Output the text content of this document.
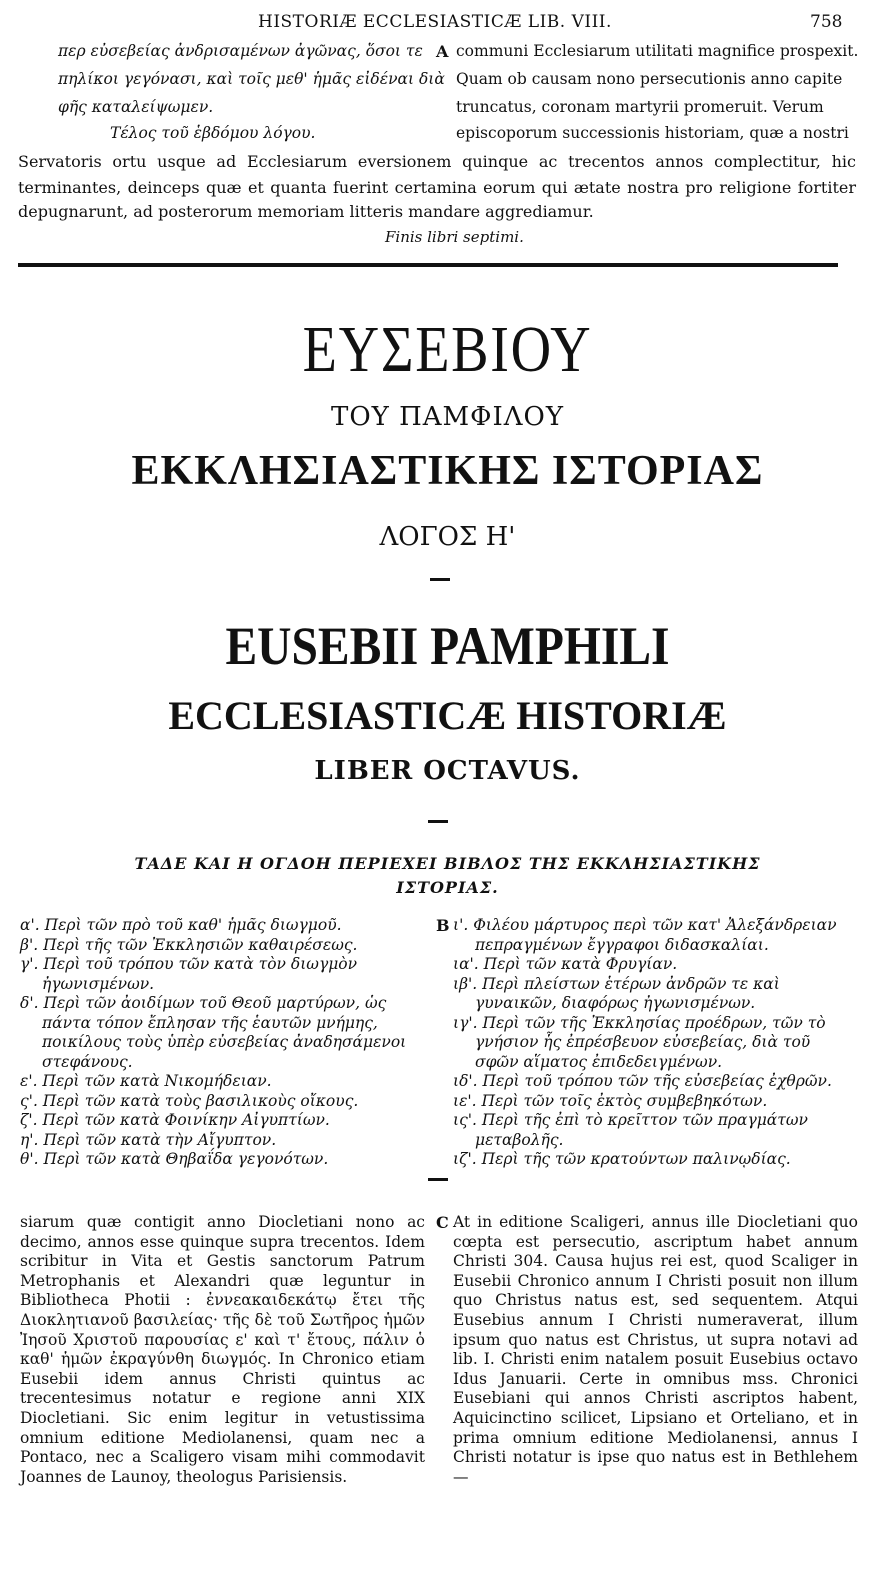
HISTORIÆ ECCLESIASTICÆ LIB. VIII.	758
περ εὐσεβείας ἀνδρισαμένων ἀγῶνας, ὅσοι τε
πηλίκοι γεγόνασι, καὶ τοῖς μεθ' ἡμᾶς εἰδέναι διὰ
φῆς καταλείψωμεν.
Τέλος τοῦ ἑβδόμου λόγου.
A communi Ecclesiarum utilitati magnifice prospexit.
Quam ob causam nono persecutionis anno capite
truncatus, coronam martyrii promeruit. Verum
episcoporum successionis historiam, quæ a nostri
Servatoris ortu usque ad Ecclesiarum eversionem quinque ac trecentos annos complectitur, hic
terminantes, deinceps quæ et quanta fuerint certamina eorum qui ætate nostra pro religione fortiter
depugnarunt, ad posterorum memoriam litteris mandare aggrediamur.
Finis libri septimi.
ΕΥΣΕΒΙΟΥ
ΤΟΥ ΠΑΜΦΙΛΟΥ
ΕΚΚΛΗΣΙΑΣΤΙΚΗΣ ΙΣΤΟΡΙΑΣ
ΛΟΓΟΣ Η'
EUSEBII PAMPHILI
ECCLESIASTICÆ HISTORIÆ
LIBER OCTAVUS.
ΤΑΔΕ ΚΑΙ Η ΟΓΔΟΗ ΠΕΡΙΕΧΕΙ ΒΙΒΛΟΣ ΤΗΣ ΕΚΚΛΗΣΙΑΣΤΙΚΗΣ
ΙΣΤΟΡΙΑΣ.

α'. Περὶ τῶν πρὸ τοῦ καθ' ἡμᾶς διωγμοῦ.

β'. Περὶ τῆς τῶν Ἐκκλησιῶν καθαιρέσεως.

γ'. Περὶ τοῦ τρόπου τῶν κατὰ τὸν διωγμὸν ἠγωνισμένων.

δ'. Περὶ τῶν ἀοιδίμων τοῦ Θεοῦ μαρτύρων, ὡς πάντα τόπον ἔπλησαν τῆς ἑαυτῶν μνήμης, ποικίλους τοὺς ὑπὲρ εὐσεβείας ἀναδησάμενοι στεφάνους.

ε'. Περὶ τῶν κατὰ Νικομήδειαν.

ς'. Περὶ τῶν κατὰ τοὺς βασιλικοὺς οἴκους.

ζ'. Περὶ τῶν κατὰ Φοινίκην Αἰγυπτίων.

η'. Περὶ τῶν κατὰ τὴν Αἴγυπτον.

θ'. Περὶ τῶν κατὰ Θηβαΐδα γεγονότων.

B ι'. Φιλέου μάρτυρος περὶ τῶν κατ' Ἀλεξάνδρειαν πεπραγμένων ἔγγραφοι διδασκαλίαι.

ια'. Περὶ τῶν κατὰ Φρυγίαν.

ιβ'. Περὶ πλείστων ἑτέρων ἀνδρῶν τε καὶ γυναικῶν, διαφόρως ἠγωνισμένων.

ιγ'. Περὶ τῶν τῆς Ἐκκλησίας προέδρων, τῶν τὸ γνήσιον ἧς ἐπρέσβευον εὐσεβείας, διὰ τοῦ σφῶν αἵματος ἐπιδεδειγμένων.

ιδ'. Περὶ τοῦ τρόπου τῶν τῆς εὐσεβείας ἐχθρῶν.

ιε'. Περὶ τῶν τοῖς ἐκτὸς συμβεβηκότων.

ις'. Περὶ τῆς ἐπὶ τὸ κρεῖττον τῶν πραγμάτων μεταβολῆς.

ιζ'. Περὶ τῆς τῶν κρατούντων παλινῳδίας.

siarum quæ contigit anno Diocletiani nono ac decimo, annos esse quinque supra trecentos. Idem scribitur in Vita et Gestis sanctorum Patrum Metrophanis et Alexandri quæ leguntur in Bibliotheca Photii : ἐννεακαιδεκάτῳ ἔτει τῆς Διοκλητιανοῦ βασιλείας· τῆς δὲ τοῦ Σωτῆρος ἡμῶν Ἰησοῦ Χριστοῦ παρουσίας ε' καὶ τ' ἔτους, πάλιν ὁ καθ' ἡμῶν ἐκραγύνθη διωγμός. In Chronico etiam Eusebii idem annus Christi quintus ac trecentesimus notatur e regione anni XIX Diocletiani. Sic enim legitur in vetustissima omnium editione Mediolanensi, quam nec a Pontaco, nec a Scaligero visam mihi commodavit Joannes de Launoy, theologus Parisiensis.
C At in editione Scaligeri, annus ille Diocletiani quo cœpta est persecutio, ascriptum habet annum Christi 304. Causa hujus rei est, quod Scaliger in Eusebii Chronico annum I Christi posuit non illum quo Christus natus est, sed sequentem. Atqui Eusebius annum I Christi numeraverat, illum ipsum quo natus est Christus, ut supra notavi ad lib. I. Christi enim natalem posuit Eusebius octavo Idus Januarii. Certe in omnibus mss. Chronici Eusebiani qui annos Christi ascriptos habent, Aquicinctino scilicet, Lipsiano et Orteliano, et in prima omnium editione Mediolanensi, annus I Christi notatur is ipse quo natus est in Bethlehem —
